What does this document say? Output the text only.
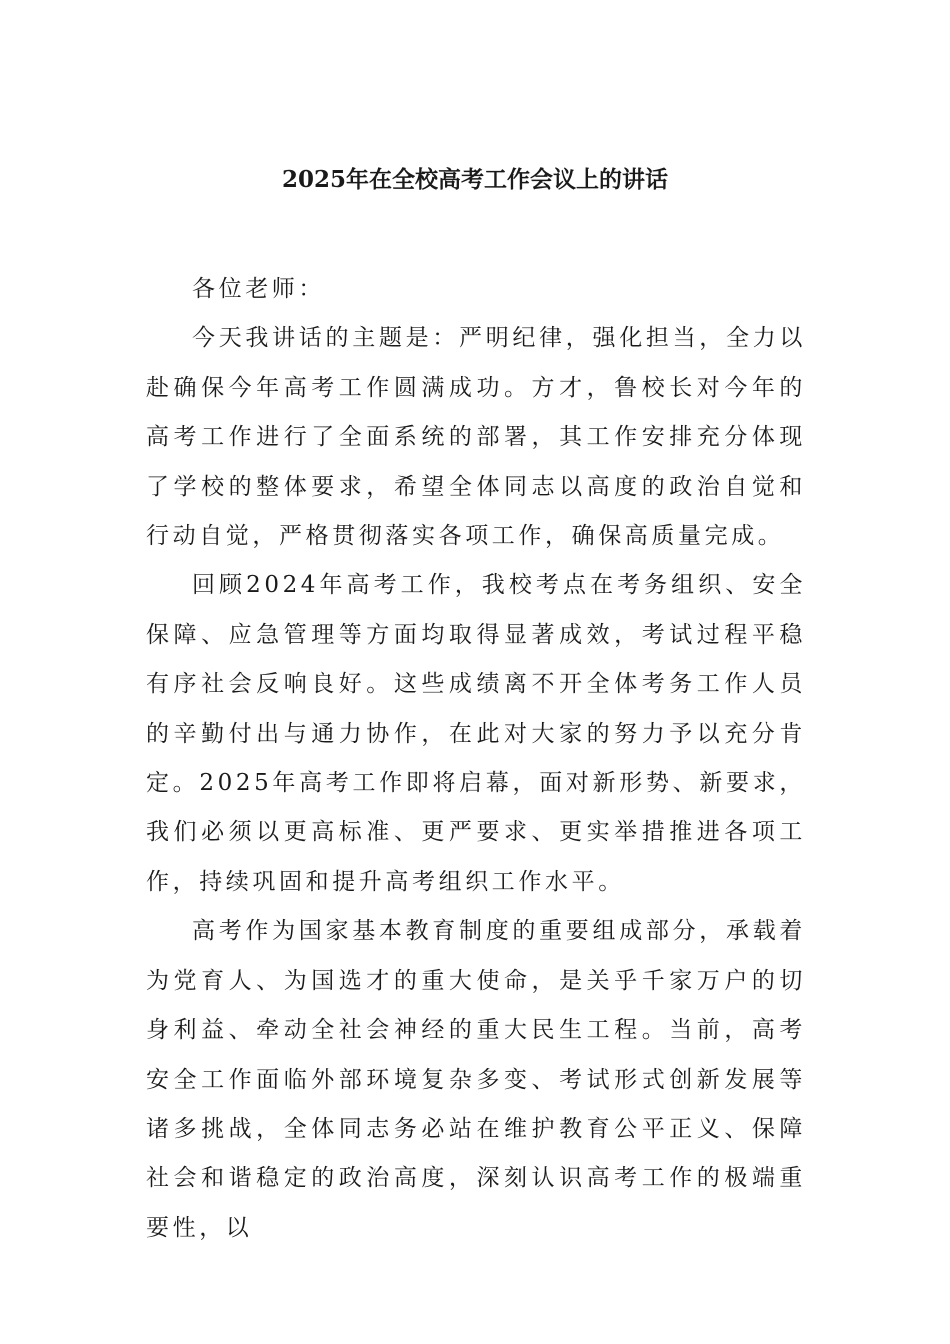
2025年在全校高考工作会议上的讲话

各位老师：

今天我讲话的主题是：严明纪律，强化担当，全力以赴确保今年高考工作圆满成功。方才，鲁校长对今年的高考工作进行了全面系统的部署，其工作安排充分体现了学校的整体要求，希望全体同志以高度的政治自觉和行动自觉，严格贯彻落实各项工作，确保高质量完成。

回顾2024年高考工作，我校考点在考务组织、安全保障、应急管理等方面均取得显著成效，考试过程平稳有序社会反响良好。这些成绩离不开全体考务工作人员的辛勤付出与通力协作，在此对大家的努力予以充分肯定。2025年高考工作即将启幕，面对新形势、新要求，我们必须以更高标准、更严要求、更实举措推进各项工作，持续巩固和提升高考组织工作水平。

高考作为国家基本教育制度的重要组成部分，承载着为党育人、为国选才的重大使命，是关乎千家万户的切身利益、牵动全社会神经的重大民生工程。当前，高考安全工作面临外部环境复杂多变、考试形式创新发展等诸多挑战，全体同志务必站在维护教育公平正义、保障社会和谐稳定的政治高度，深刻认识高考工作的极端重要性，以
